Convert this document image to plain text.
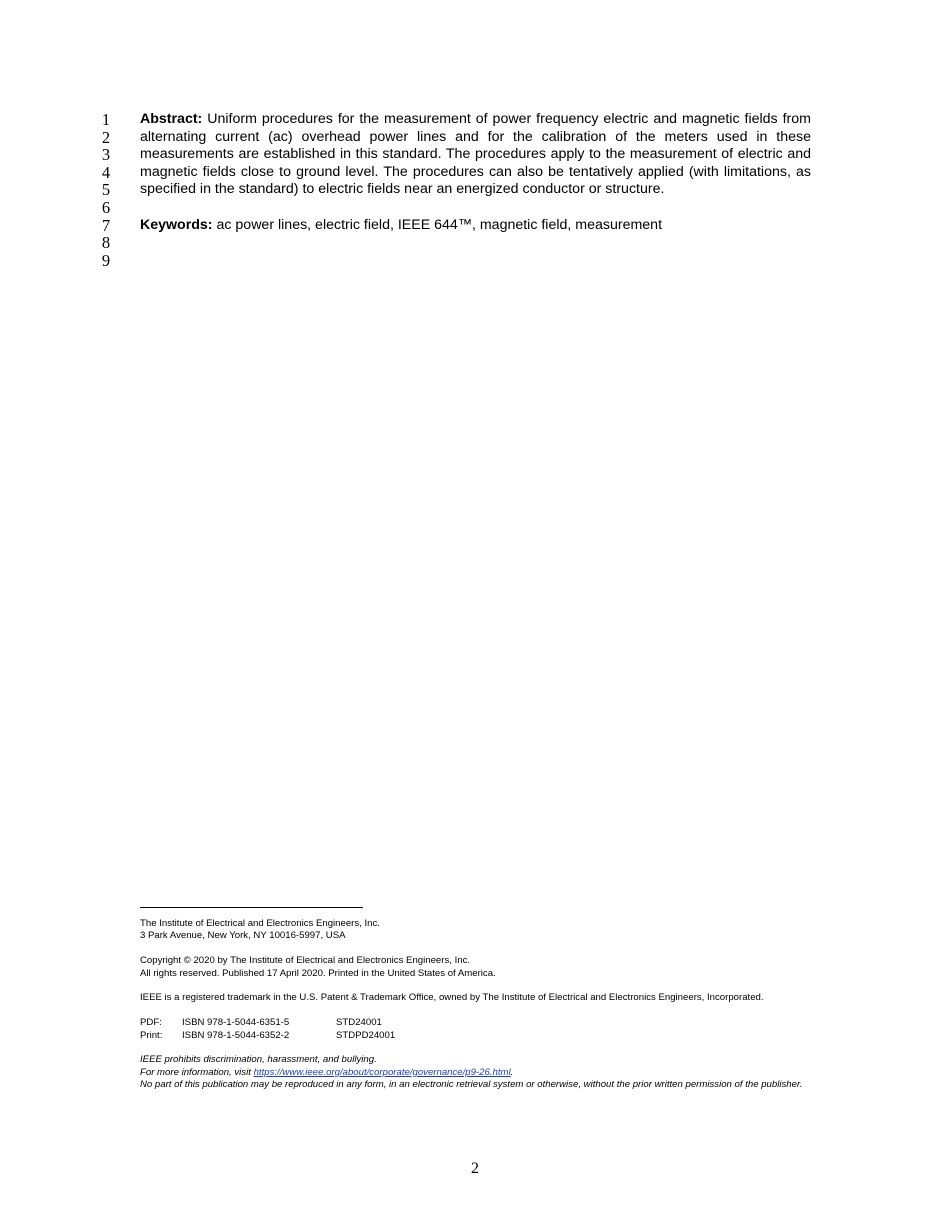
1
2
3
4
5
6
7
8
9
Abstract: Uniform procedures for the measurement of power frequency electric and magnetic fields from alternating current (ac) overhead power lines and for the calibration of the meters used in these measurements are established in this standard. The procedures apply to the measurement of electric and magnetic fields close to ground level. The procedures can also be tentatively applied (with limitations, as specified in the standard) to electric fields near an energized conductor or structure.
Keywords: ac power lines, electric field, IEEE 644™, magnetic field, measurement

The Institute of Electrical and Electronics Engineers, Inc.
3 Park Avenue, New York, NY 10016-5997, USA

Copyright © 2020 by The Institute of Electrical and Electronics Engineers, Inc.
All rights reserved. Published 17 April 2020. Printed in the United States of America.

IEEE is a registered trademark in the U.S. Patent & Trademark Office, owned by The Institute of Electrical and Electronics Engineers, Incorporated.

PDF:	ISBN 978-1-5044-6351-5	STD24001
Print:	ISBN 978-1-5044-6352-2	STDPD24001

IEEE prohibits discrimination, harassment, and bullying.
For more information, visit https://www.ieee.org/about/corporate/governance/p9-26.html.
No part of this publication may be reproduced in any form, in an electronic retrieval system or otherwise, without the prior written permission of the publisher.

2
